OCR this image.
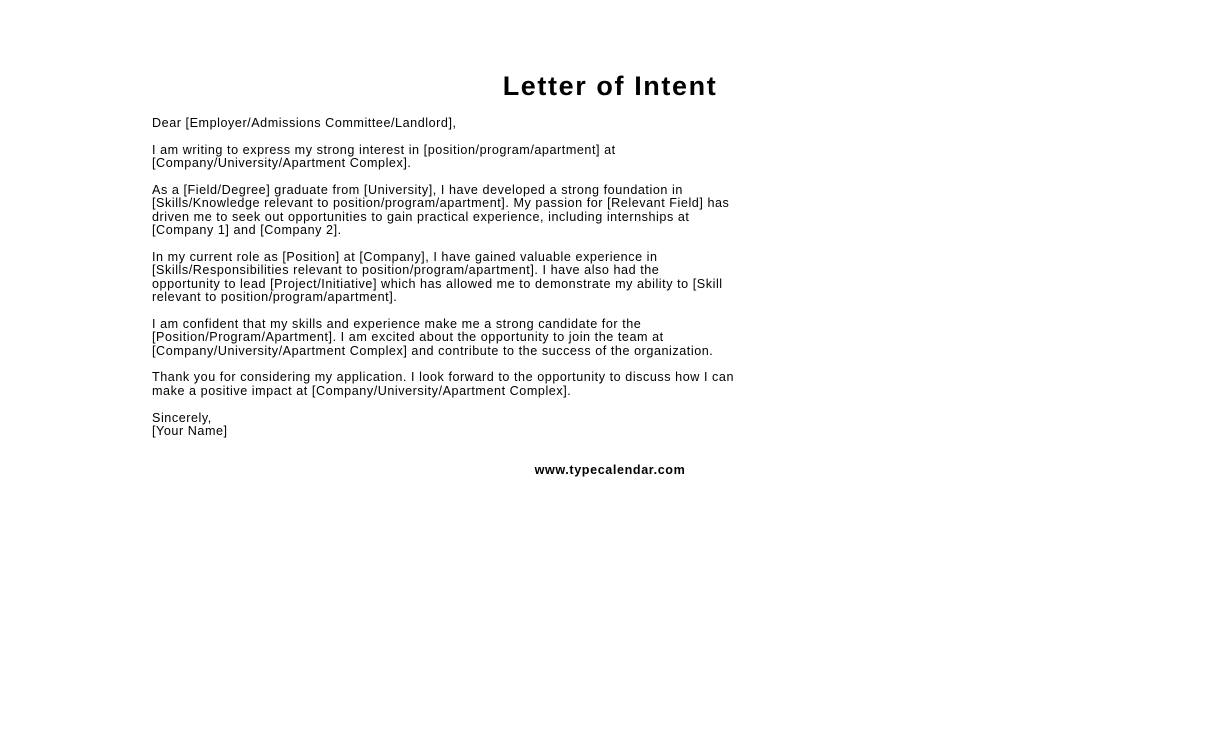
Letter of Intent

Dear [Employer/Admissions Committee/Landlord],

I am writing to express my strong interest in [position/program/apartment] at
[Company/University/Apartment Complex].

As a [Field/Degree] graduate from [University], I have developed a strong foundation in
[Skills/Knowledge relevant to position/program/apartment]. My passion for [Relevant Field] has
driven me to seek out opportunities to gain practical experience, including internships at
[Company 1] and [Company 2].

In my current role as [Position] at [Company], I have gained valuable experience in
[Skills/Responsibilities relevant to position/program/apartment]. I have also had the
opportunity to lead [Project/Initiative] which has allowed me to demonstrate my ability to [Skill
relevant to position/program/apartment].

I am confident that my skills and experience make me a strong candidate for the
[Position/Program/Apartment]. I am excited about the opportunity to join the team at
[Company/University/Apartment Complex] and contribute to the success of the organization.

Thank you for considering my application. I look forward to the opportunity to discuss how I can
make a positive impact at [Company/University/Apartment Complex].

Sincerely,
[Your Name]

www.typecalendar.com
